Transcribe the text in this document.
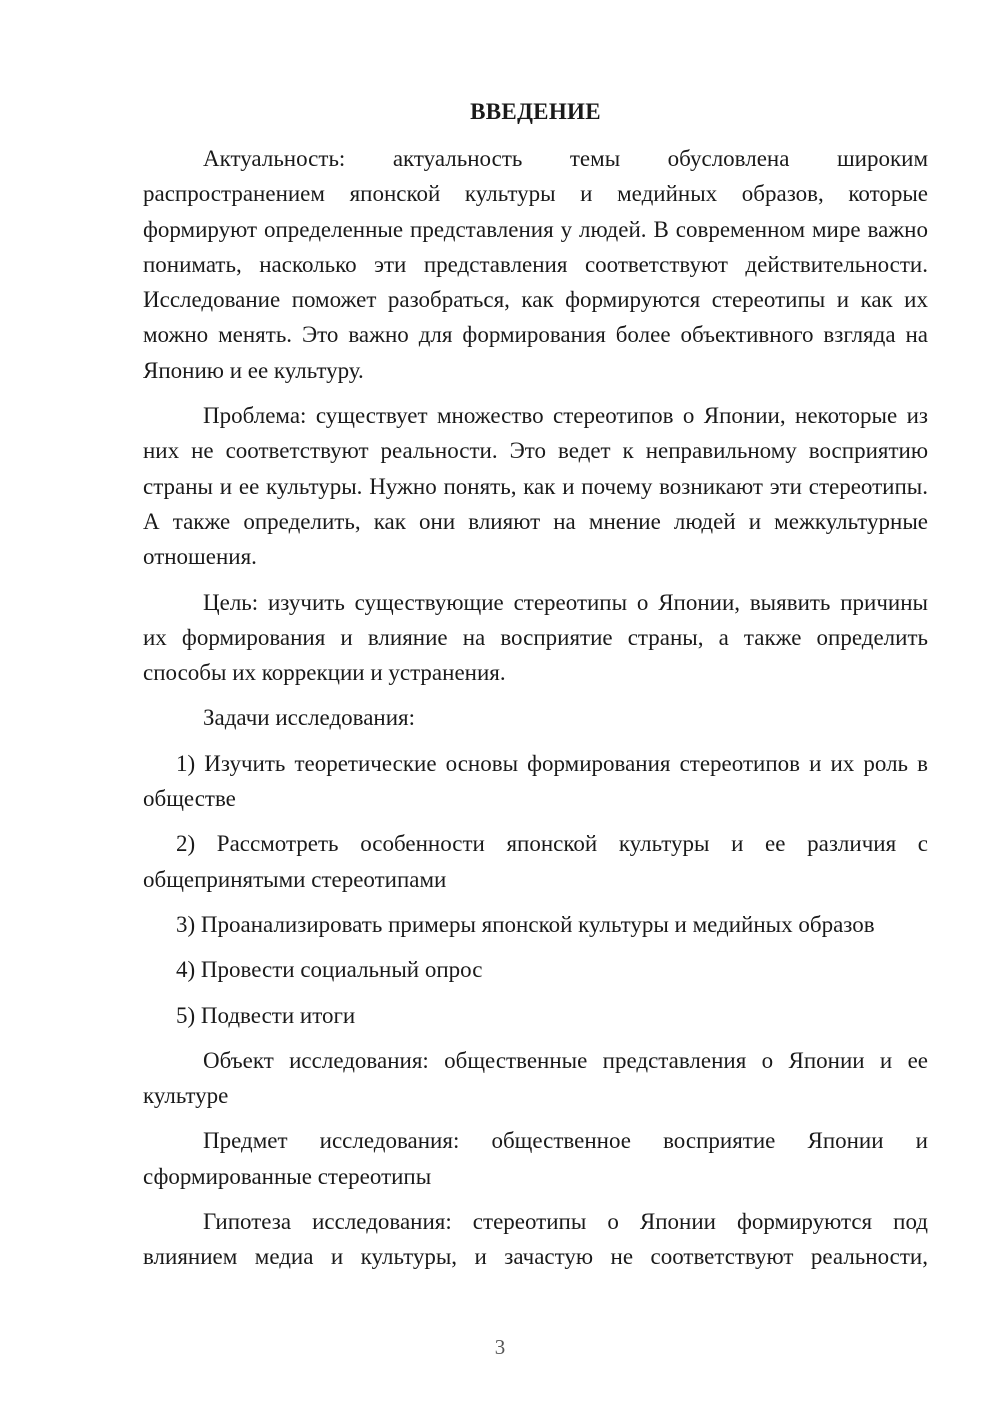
ВВЕДЕНИЕ

Актуальность: актуальность темы обусловлена широким распространением японской культуры и медийных образов, которые формируют определенные представления у людей. В современном мире важно понимать, насколько эти представления соответствуют действительности. Исследование поможет разобраться, как формируются стереотипы и как их можно менять. Это важно для формирования более объективного взгляда на Японию и ее культуру.

Проблема: существует множество стереотипов о Японии, некоторые из них не соответствуют реальности. Это ведет к неправильному восприятию страны и ее культуры. Нужно понять, как и почему возникают эти стереотипы. А также определить, как они влияют на мнение людей и межкультурные отношения.

Цель: изучить существующие стереотипы о Японии, выявить причины их формирования и влияние на восприятие страны, а также определить способы их коррекции и устранения.

Задачи исследования:

1) Изучить теоретические основы формирования стереотипов и их роль в обществе

2) Рассмотреть особенности японской культуры и ее различия с общепринятыми стереотипами

3) Проанализировать примеры японской культуры и медийных образов

4) Провести социальный опрос

5) Подвести итоги

Объект исследования: общественные представления о Японии и ее культуре

Предмет исследования: общественное восприятие Японии и сформированные стереотипы

Гипотеза исследования: стереотипы о Японии формируются под влиянием медиа и культуры, и зачастую не соответствуют реальности,

3
